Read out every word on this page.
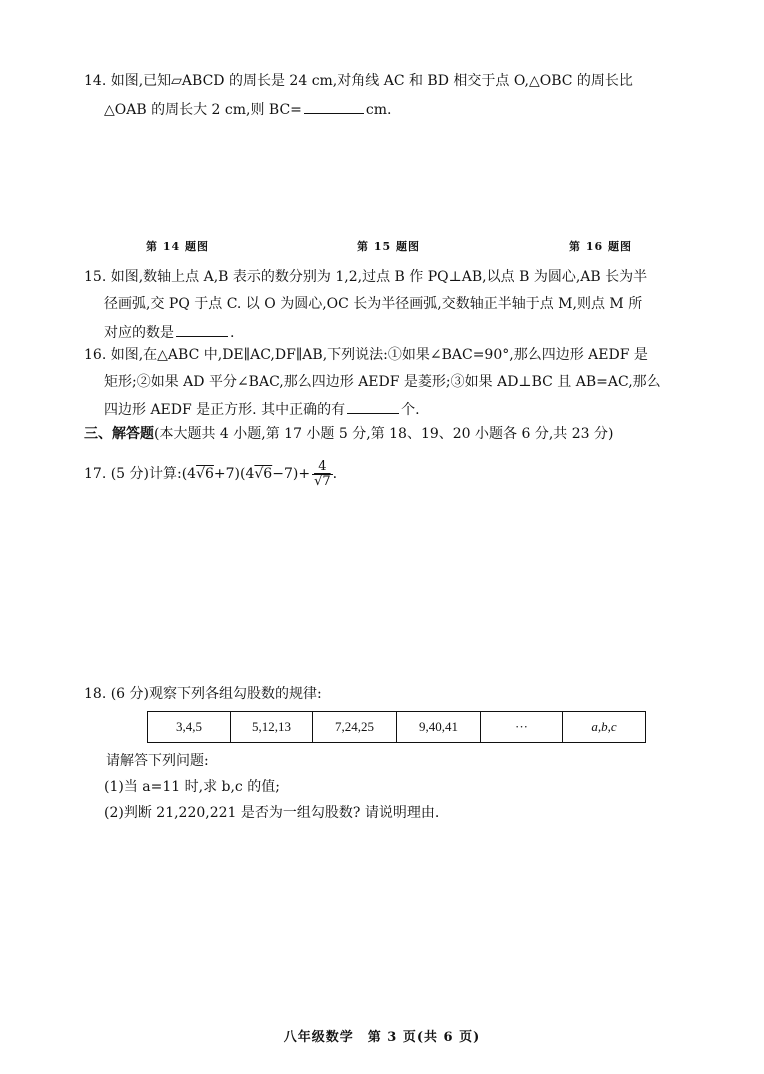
14. 如图,已知▱ABCD 的周长是 24 cm,对角线 AC 和 BD 相交于点 O,△OBC 的周长比
△OAB 的周长大 2 cm,则 BC=	cm.
第 14 题图	第 15 题图	第 16 题图
15. 如图,数轴上点 A,B 表示的数分别为 1,2,过点 B 作 PQ⊥AB,以点 B 为圆心,AB 长为半
径画弧,交 PQ 于点 C. 以 O 为圆心,OC 长为半径画弧,交数轴正半轴于点 M,则点 M 所
对应的数是	.
16. 如图,在△ABC 中,DE∥AC,DF∥AB,下列说法:①如果∠BAC=90°,那么四边形 AEDF 是
矩形;②如果 AD 平分∠BAC,那么四边形 AEDF 是菱形;③如果 AD⊥BC 且 AB=AC,那么
四边形 AEDF 是正方形. 其中正确的有	个.
三、解答题(本大题共 4 小题,第 17 小题 5 分,第 18、19、20 小题各 6 分,共 23 分)
17. (5 分)计算:(4√6+7)(4√6−7)+ $\frac{4}{√7}$ .
18. (6 分)观察下列各组勾股数的规律:
3,4,5	5,12,13	7,24,25	9,40,41	···	a,b,c
请解答下列问题:
(1)当 a=11 时,求 b,c 的值;
(2)判断 21,220,221 是否为一组勾股数? 请说明理由.
八年级数学　第 3 页(共 6 页)
